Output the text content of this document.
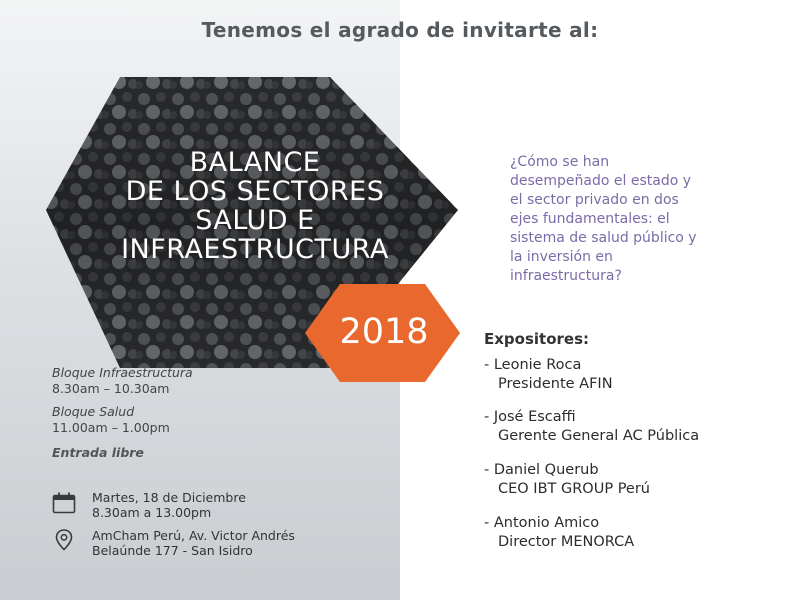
Tenemos el agrado de invitarte al:
BALANCE
DE LOS SECTORES
SALUD E
INFRAESTRUCTURA
2018
¿Cómo se han
desempeñado el estado y
el sector privado en dos
ejes fundamentales: el
sistema de salud público y
la inversión en
infraestructura?
Expositores:
- Leonie Roca
Presidente AFIN
- José Escaffi
Gerente General AC Pública
- Daniel Querub
CEO IBT GROUP Perú
- Antonio Amico
Director MENORCA
Bloque Infraestructura
8.30am – 10.30am
Bloque Salud
11.00am – 1.00pm
Entrada libre
Martes, 18 de Diciembre
8.30am a 13.00pm
AmCham Perú, Av. Victor Andrés
Belaúnde 177 - San Isidro
